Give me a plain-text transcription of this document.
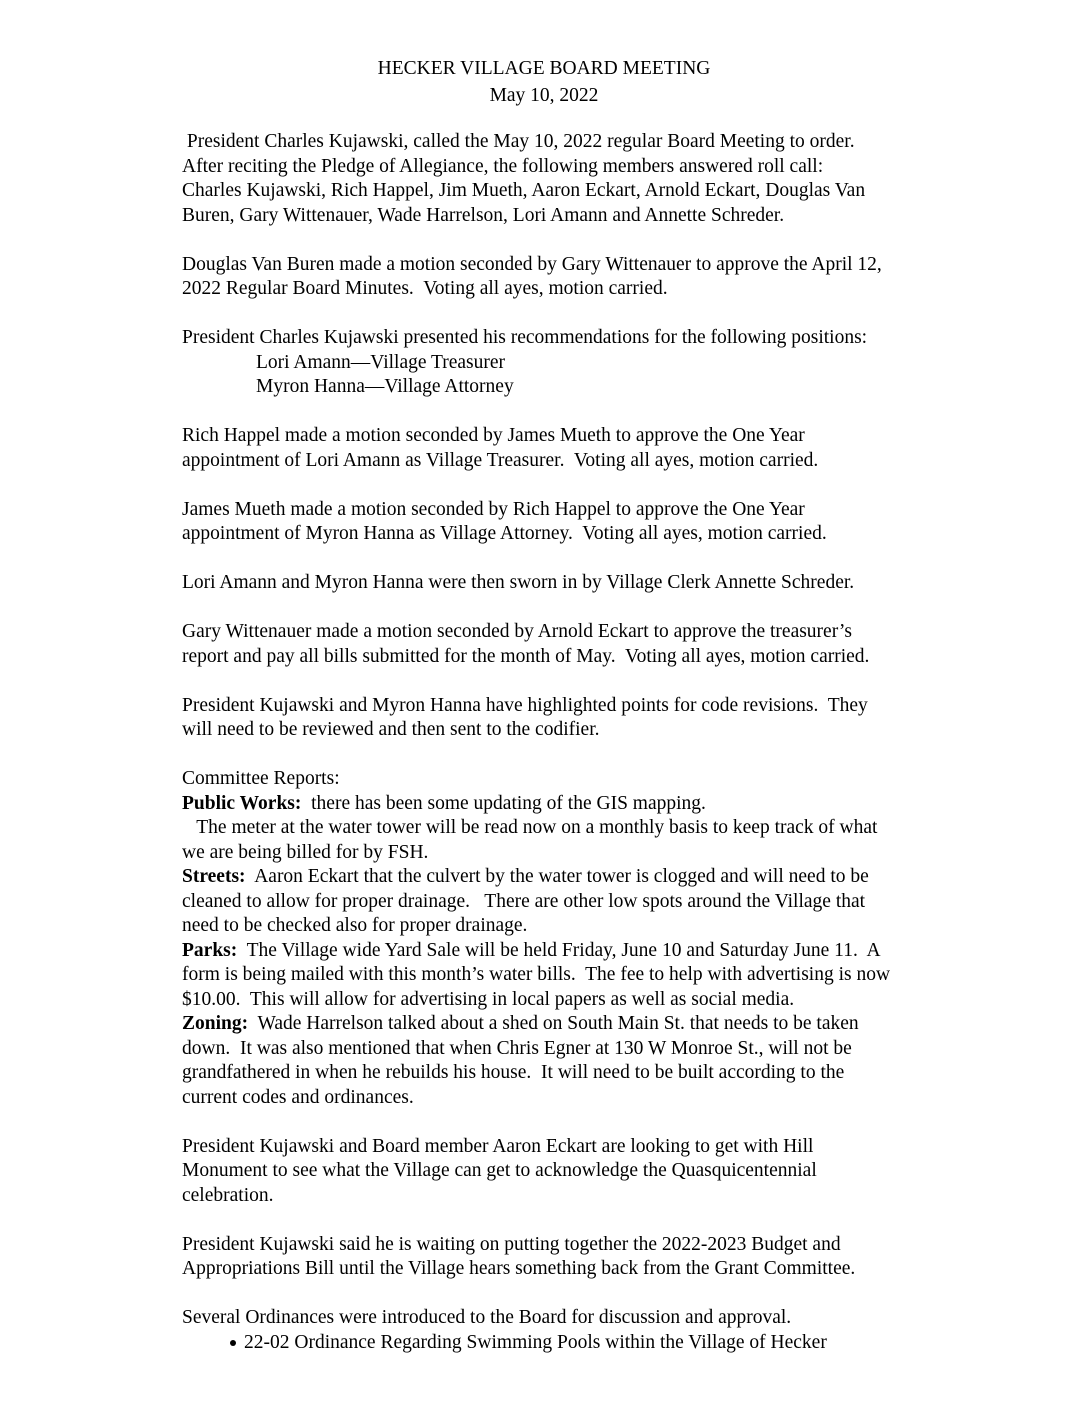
HECKER VILLAGE BOARD MEETING
May 10, 2022

President Charles Kujawski, called the May 10, 2022 regular Board Meeting to order.

After reciting the Pledge of Allegiance, the following members answered roll call:

Charles Kujawski, Rich Happel, Jim Mueth, Aaron Eckart, Arnold Eckart, Douglas Van

Buren, Gary Wittenauer, Wade Harrelson, Lori Amann and Annette Schreder.

Douglas Van Buren made a motion seconded by Gary Wittenauer to approve the April 12,

2022 Regular Board Minutes.  Voting all ayes, motion carried.

President Charles Kujawski presented his recommendations for the following positions:

Lori Amann—Village Treasurer

Myron Hanna—Village Attorney

Rich Happel made a motion seconded by James Mueth to approve the One Year

appointment of Lori Amann as Village Treasurer.  Voting all ayes, motion carried.

James Mueth made a motion seconded by Rich Happel to approve the One Year

appointment of Myron Hanna as Village Attorney.  Voting all ayes, motion carried.

Lori Amann and Myron Hanna were then sworn in by Village Clerk Annette Schreder.

Gary Wittenauer made a motion seconded by Arnold Eckart to approve the treasurer’s

report and pay all bills submitted for the month of May.  Voting all ayes, motion carried.

President Kujawski and Myron Hanna have highlighted points for code revisions.  They

will need to be reviewed and then sent to the codifier.

Committee Reports:

Public Works:  there has been some updating of the GIS mapping.

The meter at the water tower will be read now on a monthly basis to keep track of what

we are being billed for by FSH.

Streets:  Aaron Eckart that the culvert by the water tower is clogged and will need to be

cleaned to allow for proper drainage.   There are other low spots around the Village that

need to be checked also for proper drainage.

Parks:  The Village wide Yard Sale will be held Friday, June 10 and Saturday June 11.  A

form is being mailed with this month’s water bills.  The fee to help with advertising is now

$10.00.  This will allow for advertising in local papers as well as social media.

Zoning:  Wade Harrelson talked about a shed on South Main St. that needs to be taken

down.  It was also mentioned that when Chris Egner at 130 W Monroe St., will not be

grandfathered in when he rebuilds his house.  It will need to be built according to the

current codes and ordinances.

President Kujawski and Board member Aaron Eckart are looking to get with Hill

Monument to see what the Village can get to acknowledge the Quasquicentennial

celebration.

President Kujawski said he is waiting on putting together the 2022-2023 Budget and

Appropriations Bill until the Village hears something back from the Grant Committee.

Several Ordinances were introduced to the Board for discussion and approval.

22-02 Ordinance Regarding Swimming Pools within the Village of Hecker
